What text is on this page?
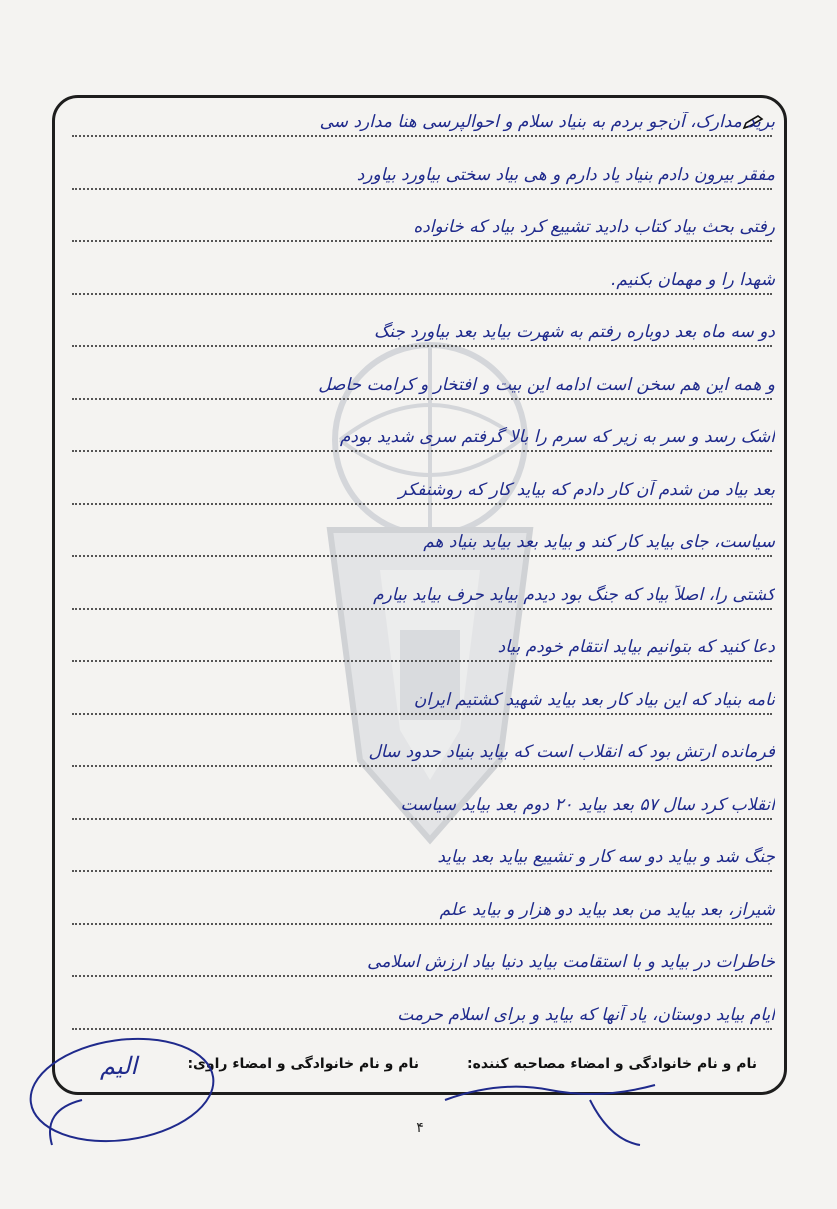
برید مدارک، آن‌جو بردم به بنیاد سلام و احوالپرسی هنا مدارد سی
مفقر بیرون دادم بنیاد یاد دارم و هی بیاد سختی بیاورد بیاورد
رفتی بحث بیاد کتاب دادید تشییع کرد بیاد که خانواده
شهدا را و مهمان بکنیم.
دو سه ماه بعد دوباره رفتم به شهرت بیاید بعد بیاورد جنگ
و همه این هم سخن است ادامه این بیت و افتخار و کرامت حاصل
اشک رسد و سر به زیر که سرم را بالا گرفتم سری شدید بودم
بعد بیاد من شدم آن کار دادم که بیاید کار که روشنفکر
سیاست، جای بیاید کار کند و بیاید بعد بیاید بنیاد هم
کشتی را، اصلاً بیاد که جنگ بود دیدم بیاید حرف بیاید بیارم
دعا کنید که بتوانیم بیاید انتقام خودم بیاد
نامه بنیاد که این بیاد کار بعد بیاید شهید کشتیم ایران
فرمانده ارتش بود که انقلاب است که بیاید بنیاد حدود سال
انقلاب کرد سال ۵۷ بعد بیاید ۲۰ دوم بعد بیاید سیاست
جنگ شد و بیاید دو سه کار و تشییع بیاید بعد بیاید
شیراز، بعد بیاید من بعد بیاید دو هزار و بیاید علم
خاطرات در بیاید و با استقامت بیاید دنیا بیاد ارزش اسلامی
ایام بیاید دوستان، یاد آنها که بیاید و برای اسلام حرمت
نام و نام خانوادگی و امضاء مصاحبه کننده:
نام و نام خانوادگی و امضاء راوی:
ﺍﻟﻴﻢ
۴
